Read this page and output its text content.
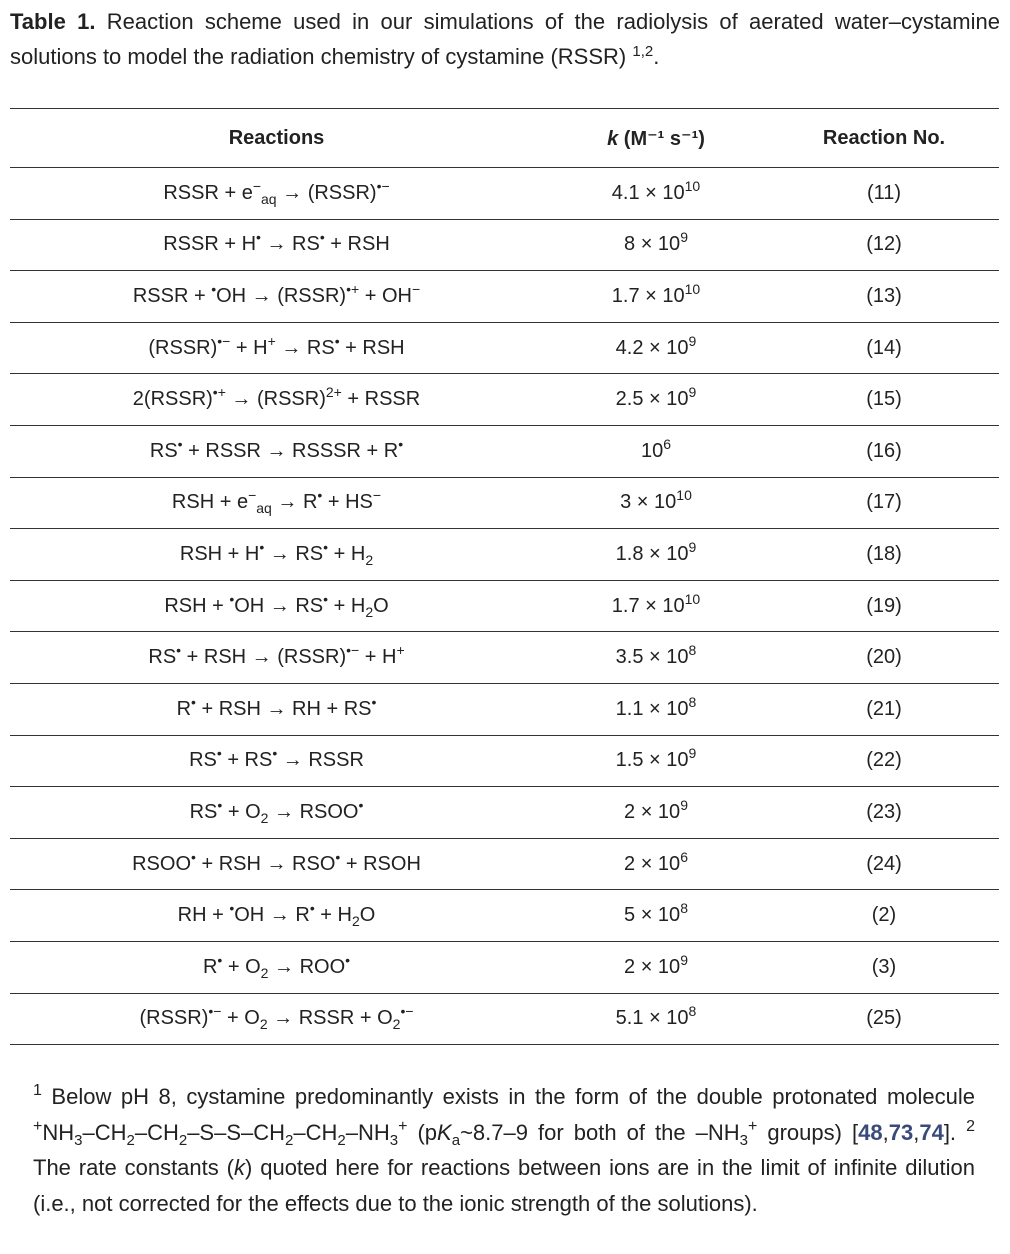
Table 1. Reaction scheme used in our simulations of the radiolysis of aerated water–cystamine solutions to model the radiation chemistry of cystamine (RSSR) $^{1,2}$.
Reactions	k (M⁻¹ s⁻¹)	Reaction No.
RSSR + $e^-_{aq}$ → (RSSR)•−	$4.1 \times 10^{10}$	(11)
RSSR + H• → RS• + RSH	$8 \times 10^9$	(12)
RSSR + •OH → (RSSR)•+ + OH−	$1.7 \times 10^{10}$	(13)
(RSSR)•− + H+ → RS• + RSH	$4.2 \times 10^9$	(14)
2(RSSR)•+ → (RSSR)$^{2+}$ + RSSR	$2.5 \times 10^9$	(15)
RS• + RSSR → RSSSR + R•	$10^6$	(16)
RSH + $e^-_{aq} \to R^• + HS^-$	$3 \times 10^{10}$	(17)
RSH + $H^• \to RS^• + H_2$	$1.8 \times 10^9$	(18)
RSH + $^•OH \to RS^• + H_2O$	$1.7 \times 10^{10}$	(19)
RS• + RSH → (RSSR)•− + H+	$3.5 \times 10^8$	(20)
R• + RSH → RH + RS•	$1.1 \times 10^8$	(21)
RS• + RS• → RSSR	$1.5 \times 10^9$	(22)
$RS^• + O_2$ → RSOO•	$2 \times 10^9$	(23)
RSOO• + RSH → RSO• + RSOH	$2 \times 10^6$	(24)
RH + $^•OH \to R^• + H_2O$	$5 \times 10^8$	(2)
$R^• + O_2 \to ROO^•$	$2 \times 10^9$	(3)
(RSSR)•− + $O_2$ → RSSR + $O_2^{•-}$	$5.1 \times 10^8$	(25)
$^1$ Below pH 8, cystamine predominantly exists in the form of the double protonated molecule $^+NH_3-CH_2-CH_2-S-S-CH_2-CH_2-NH_3^+$ ($pK_a\sim 8.7-9$ for both of the $-NH_3^+$ groups) [48,73,74]. $^2$ The rate constants (k) quoted here for reactions between ions are in the limit of infinite dilution (i.e., not corrected for the effects due to the ionic strength of the solutions).
